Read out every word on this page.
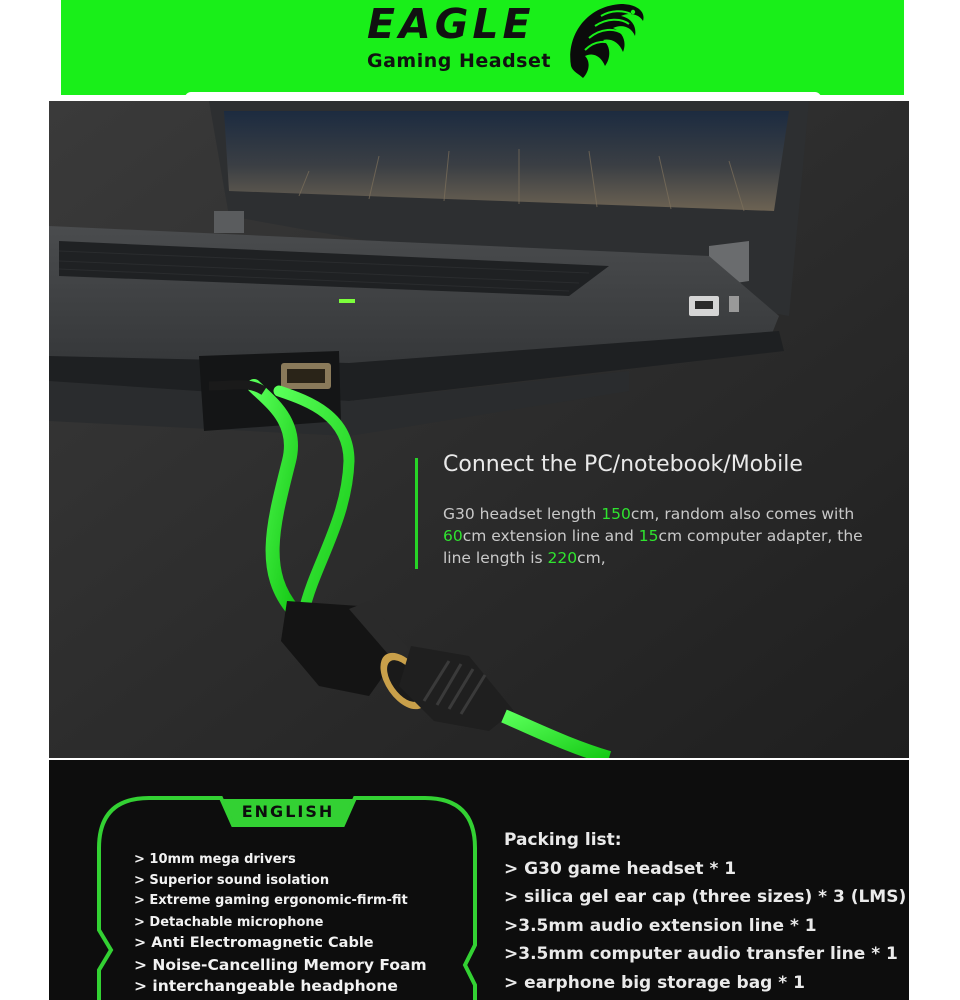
EAGLE
Gaming Headset
Connect the PC/notebook/Mobile
G30 headset length 150cm, random also comes with 60cm extension line and 15cm computer adapter, the line length is 220cm,
ENGLISH
> 10mm mega drivers
> Superior sound isolation
> Extreme gaming ergonomic-firm-fit
> Detachable microphone
> Anti Electromagnetic Cable
> Noise-Cancelling Memory Foam
> interchangeable headphone
Packing list:
> G30 game headset * 1
> silica gel ear cap (three sizes) * 3 (LMS)
>3.5mm audio extension line * 1
>3.5mm computer audio transfer line * 1
> earphone big storage bag * 1
